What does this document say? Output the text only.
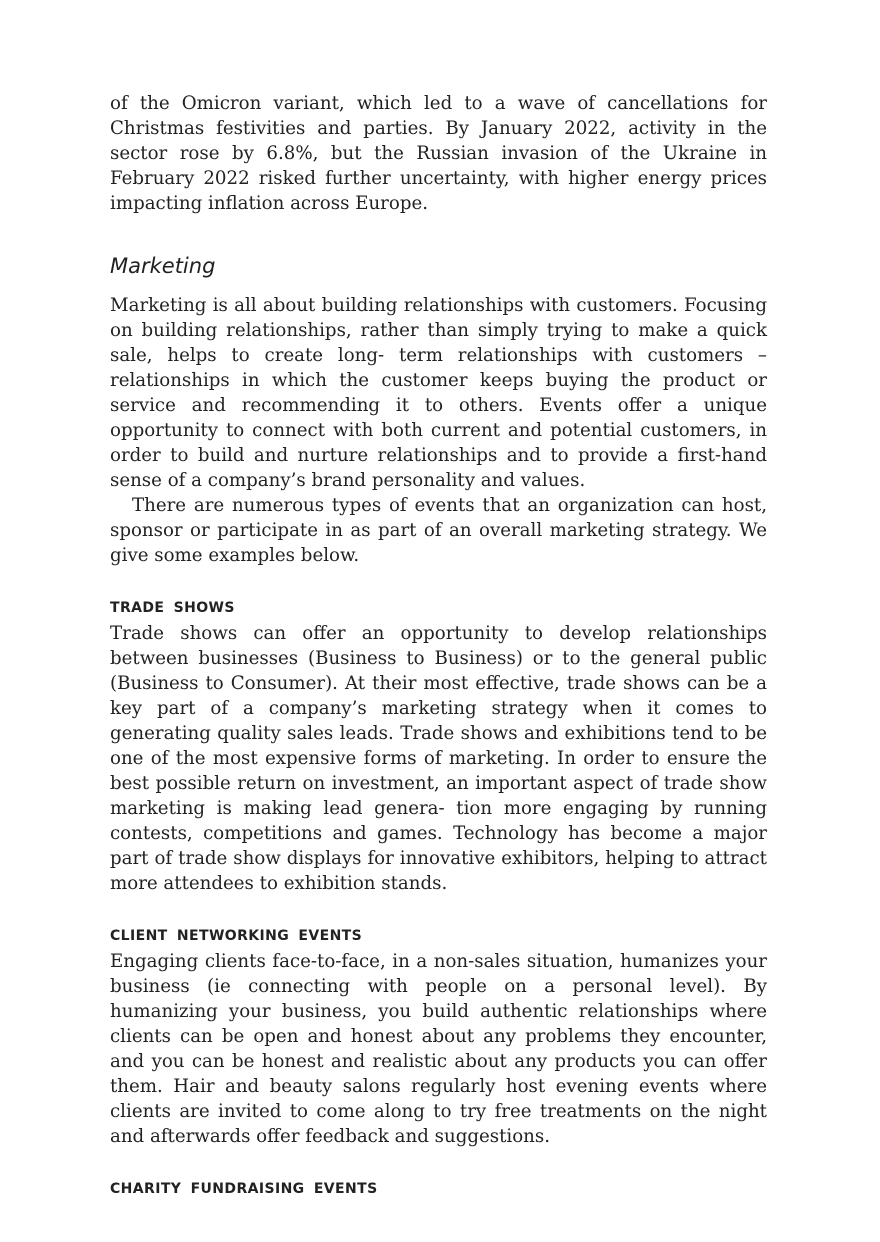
of the Omicron variant, which led to a wave of cancellations for Christmas festivities and parties. By January 2022, activity in the sector rose by 6.8%, but the Russian invasion of the Ukraine in February 2022 risked further uncertainty, with higher energy prices impacting inflation across Europe.

Marketing

Marketing is all about building relationships with customers. Focusing on building relationships, rather than simply trying to make a quick sale, helps to create long- term relationships with customers – relationships in which the customer keeps buying the product or service and recommending it to others. Events offer a unique opportunity to connect with both current and potential customers, in order to build and nurture relationships and to provide a first-hand sense of a company’s brand personality and values.

There are numerous types of events that an organization can host, sponsor or participate in as part of an overall marketing strategy. We give some examples below.

TRADE SHOWS

Trade shows can offer an opportunity to develop relationships between businesses (Business to Business) or to the general public (Business to Consumer). At their most effective, trade shows can be a key part of a company’s marketing strategy when it comes to generating quality sales leads. Trade shows and exhibitions tend to be one of the most expensive forms of marketing. In order to ensure the best possible return on investment, an important aspect of trade show marketing is making lead genera- tion more engaging by running contests, competitions and games. Technology has become a major part of trade show displays for innovative exhibitors, helping to attract more attendees to exhibition stands.

CLIENT NETWORKING EVENTS

Engaging clients face-to-face, in a non-sales situation, humanizes your business (ie connecting with people on a personal level). By humanizing your business, you build authentic relationships where clients can be open and honest about any problems they encounter, and you can be honest and realistic about any products you can offer them. Hair and beauty salons regularly host evening events where clients are invited to come along to try free treatments on the night and afterwards offer feedback and suggestions.

CHARITY FUNDRAISING EVENTS
